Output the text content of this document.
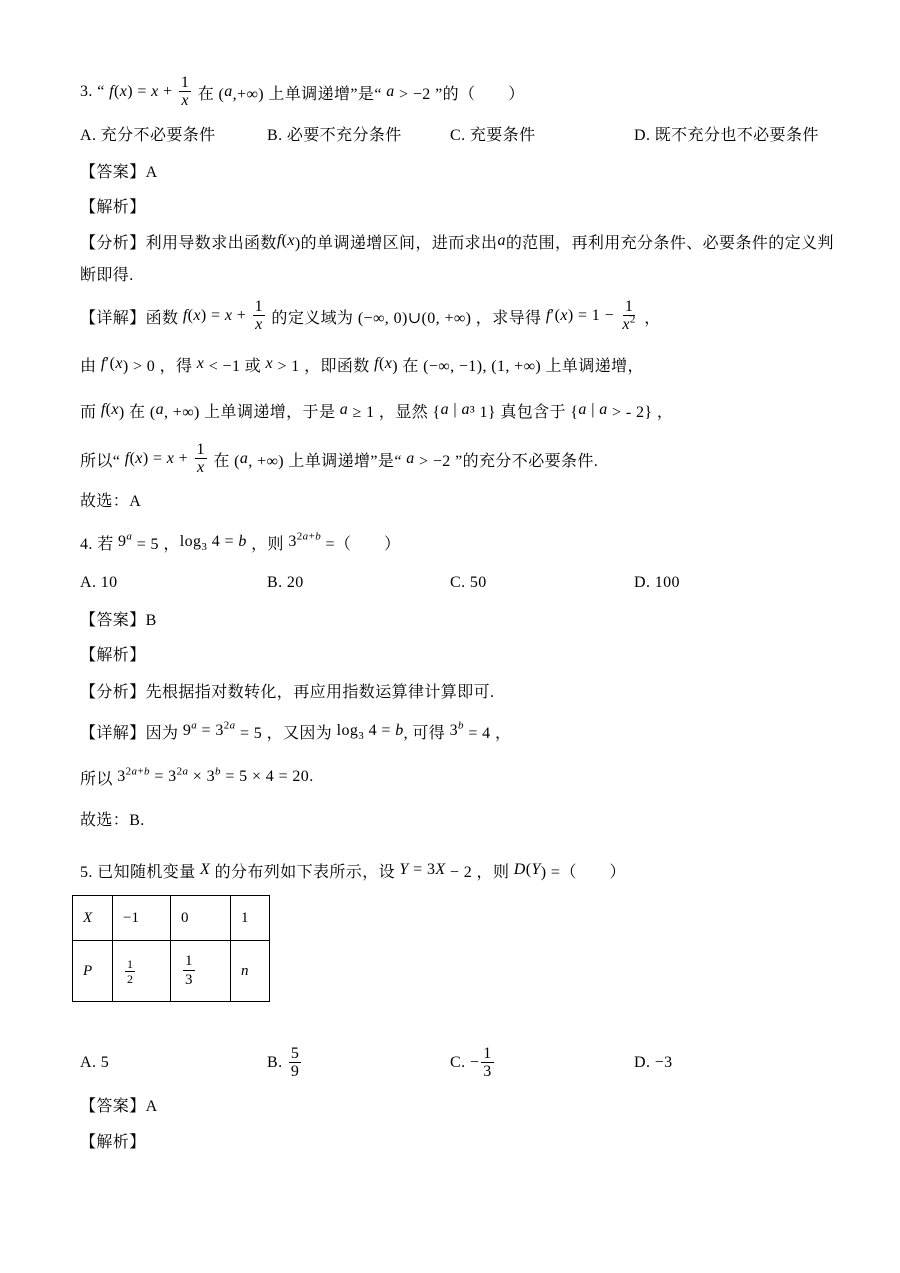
3. “ f ( x ) = $x + \frac{1}{x}$ 在 ( a ,+∞) 上单调递增”是“ a > −2 ”的（　　）
A. 充分不必要条件	B. 必要不充分条件	C. 充要条件	D. 既不充分也不必要条件
【答案】A
【解析】
【分析】利用导数求出函数 f ( x )的单调递增区间，进而求出 a 的范围，再利用充分条件、必要条件的定义判
断即得.
【详解】函数 f ( x ) = $x + \frac{1}{x}$ 的定义域为 (−∞, 0)∪(0, +∞) ，求导得 f ′( x ) = $1 - \frac{1}{x^2}$ ，
由 f ′( x ) > 0 ，得 x < −1 或 x > 1 ，即函数 f ( x ) 在 (−∞, −1), (1, +∞) 上单调递增，
而 f ( x ) 在 ( a , +∞) 上单调递增，于是 a ≥ 1 ，显然 { a | a ³ 1} 真包含于 { a | a > - 2} ，
所以“ f ( x ) = $x + \frac{1}{x}$ 在 ( a , +∞) 上单调递增”是“ a > −2 ”的充分不必要条件.
故选：A
4. 若 $9^a = 5$ ， $\log_3 4 = b$ ，则 $3^{2a+b}$ =（　　）
A. 10	B. 20	C. 50	D. 100
【答案】B
【解析】
【分析】先根据指对数转化，再应用指数运算律计算即可.
【详解】因为 $9^a = 3^{2a} = 5$ ，又因为 $\log_3 4 = b$ , 可得 $3^b = 4$ ，
所以 $3^{2a+b} = 3^{2a} \times 3^b = 5 \times 4 = 20$.
故选：B.
5. 已知随机变量 X 的分布列如下表所示，设 Y = 3 X − 2 ，则 D ( Y ) =（　　）
X	−1	0	1
P	$\frac{1}{2}$	$\frac{1}{3}$	n
A. 5	B. $\frac{5}{9}$	C. − $\frac{1}{3}$	D. −3
【答案】A
【解析】
